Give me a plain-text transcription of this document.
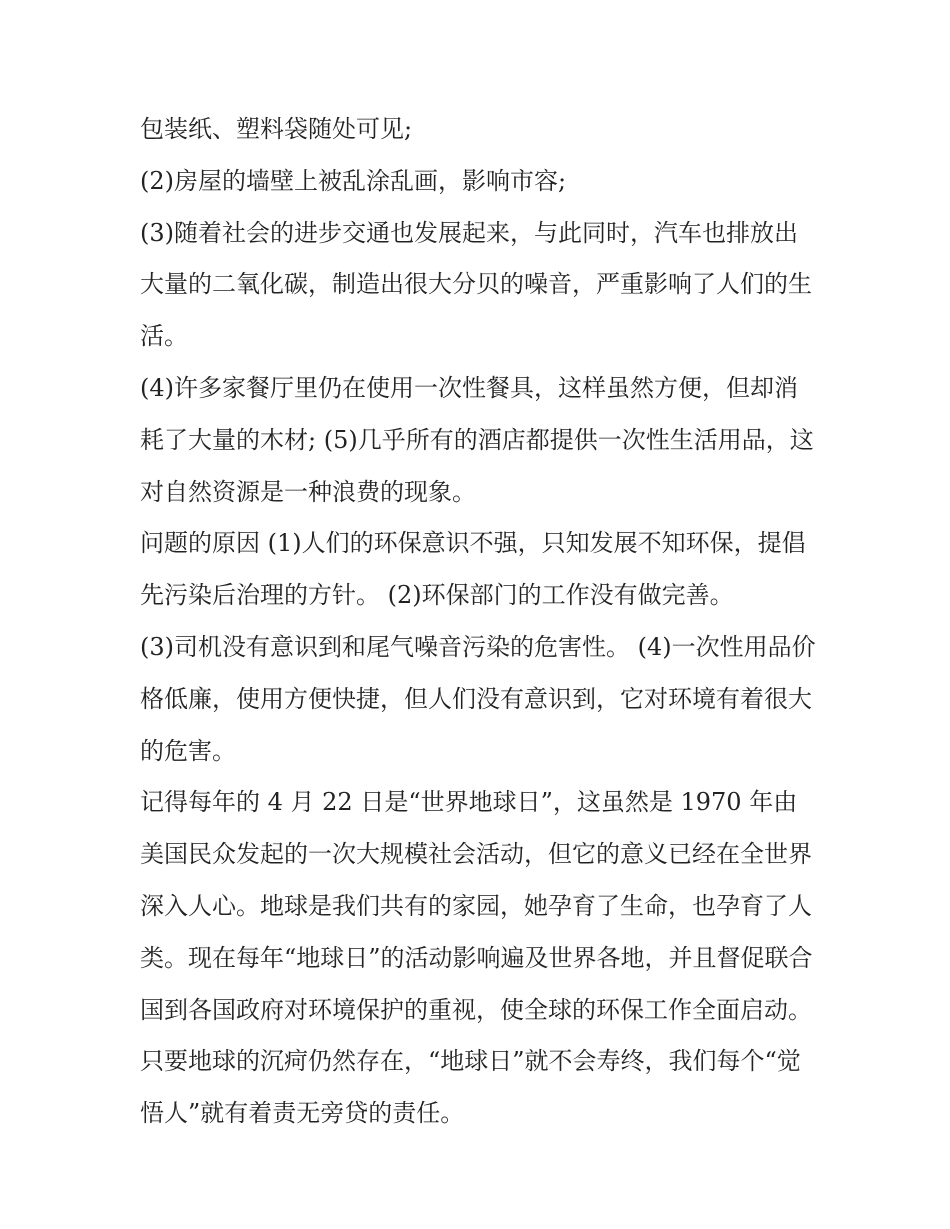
包装纸、塑料袋随处可见;

(2)房屋的墙壁上被乱涂乱画，影响市容;

(3)随着社会的进步交通也发展起来，与此同时，汽车也排放出大量的二氧化碳，制造出很大分贝的噪音，严重影响了人们的生活。

(4)许多家餐厅里仍在使用一次性餐具，这样虽然方便，但却消耗了大量的木材; (5)几乎所有的酒店都提供一次性生活用品，这对自然资源是一种浪费的现象。

问题的原因 (1)人们的环保意识不强，只知发展不知环保，提倡先污染后治理的方针。 (2)环保部门的工作没有做完善。

(3)司机没有意识到和尾气噪音污染的危害性。 (4)一次性用品价格低廉，使用方便快捷，但人们没有意识到，它对环境有着很大的危害。

记得每年的 4 月 22 日是“世界地球日”，这虽然是 1970 年由美国民众发起的一次大规模社会活动，但它的意义已经在全世界深入人心。地球是我们共有的家园，她孕育了生命，也孕育了人类。现在每年“地球日”的活动影响遍及世界各地，并且督促联合国到各国政府对环境保护的重视，使全球的环保工作全面启动。只要地球的沉疴仍然存在，“地球日”就不会寿终，我们每个“觉悟人”就有着责无旁贷的责任。
